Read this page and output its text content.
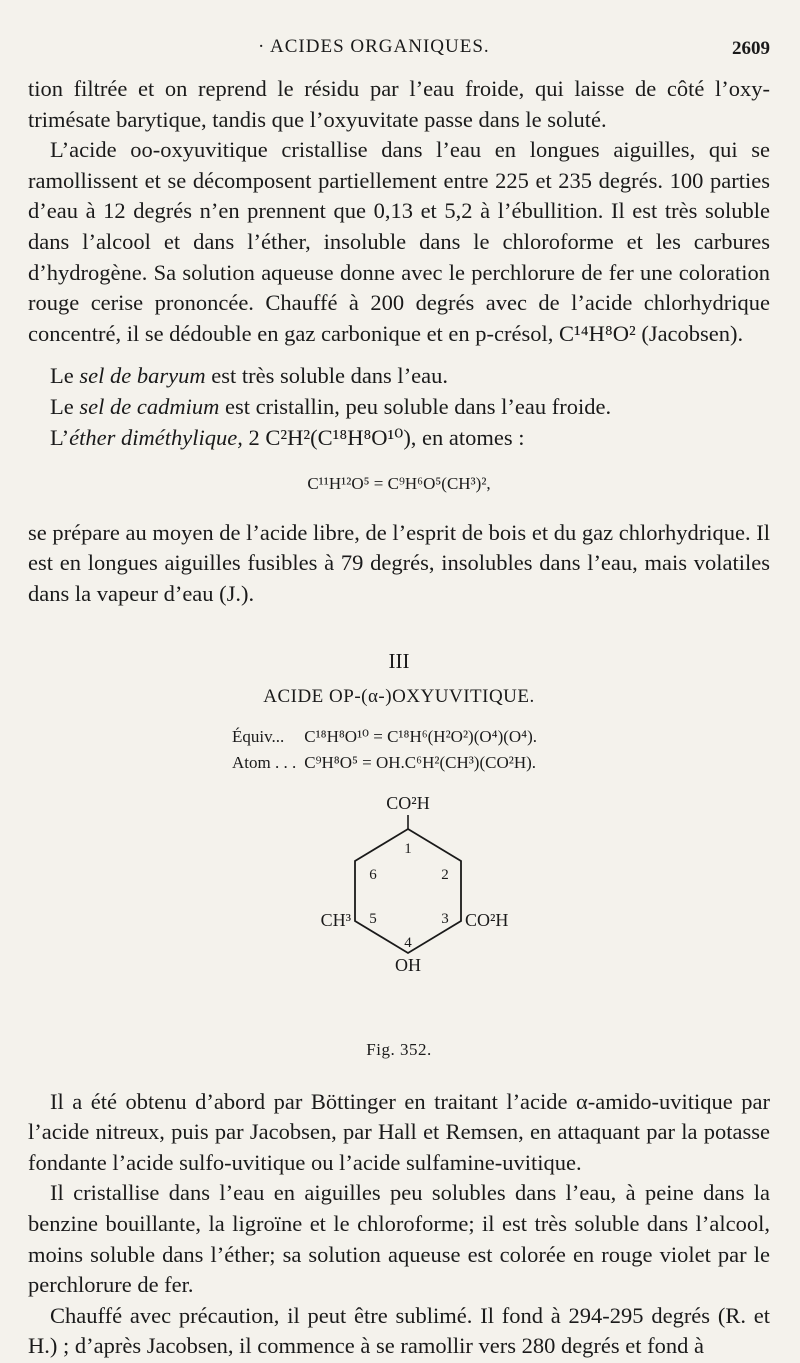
· ACIDES ORGANIQUES.	2609

tion filtrée et on reprend le résidu par l’eau froide, qui laisse de côté l’oxy-trimésate barytique, tandis que l’oxyuvitate passe dans le soluté.

L’acide oo-oxyuvitique cristallise dans l’eau en longues aiguilles, qui se ramollissent et se décomposent partiellement entre 225 et 235 degrés. 100 parties d’eau à 12 degrés n’en prennent que 0,13 et 5,2 à l’ébullition. Il est très soluble dans l’alcool et dans l’éther, insoluble dans le chloroforme et les carbures d’hydrogène. Sa solution aqueuse donne avec le perchlorure de fer une coloration rouge cerise prononcée. Chauffé à 200 degrés avec de l’acide chlorhydrique concentré, il se dédouble en gaz carbonique et en p-crésol, C¹⁴H⁸O² (Jacobsen).

Le sel de baryum est très soluble dans l’eau.

Le sel de cadmium est cristallin, peu soluble dans l’eau froide.

L’éther diméthylique, 2 C²H²(C¹⁸H⁸O¹⁰), en atomes :

C¹¹H¹²O⁵ = C⁹H⁶O⁵(CH³)²,

se prépare au moyen de l’acide libre, de l’esprit de bois et du gaz chlorhydrique. Il est en longues aiguilles fusibles à 79 degrés, insolubles dans l’eau, mais volatiles dans la vapeur d’eau (J.).

III
ACIDE OP-(α-)OXYUVITIQUE.
Équiv...	C¹⁸H⁸O¹⁰ = C¹⁸H⁶(H²O²)(O⁴)(O⁴).
Atom . . .	C⁹H⁸O⁵ = OH.C⁶H²(CH³)(CO²H).
CO²H
1
2
3
4
5
6
CH³	CO²H
OH
Fig. 352.

Il a été obtenu d’abord par Böttinger en traitant l’acide α-amido-uvitique par l’acide nitreux, puis par Jacobsen, par Hall et Remsen, en attaquant par la potasse fondante l’acide sulfo-uvitique ou l’acide sulfamine-uvitique.

Il cristallise dans l’eau en aiguilles peu solubles dans l’eau, à peine dans la benzine bouillante, la ligroïne et le chloroforme; il est très soluble dans l’alcool, moins soluble dans l’éther; sa solution aqueuse est colorée en rouge violet par le perchlorure de fer.

Chauffé avec précaution, il peut être sublimé. Il fond à 294-295 degrés (R. et H.) ; d’après Jacobsen, il commence à se ramollir vers 280 degrés et fond à
